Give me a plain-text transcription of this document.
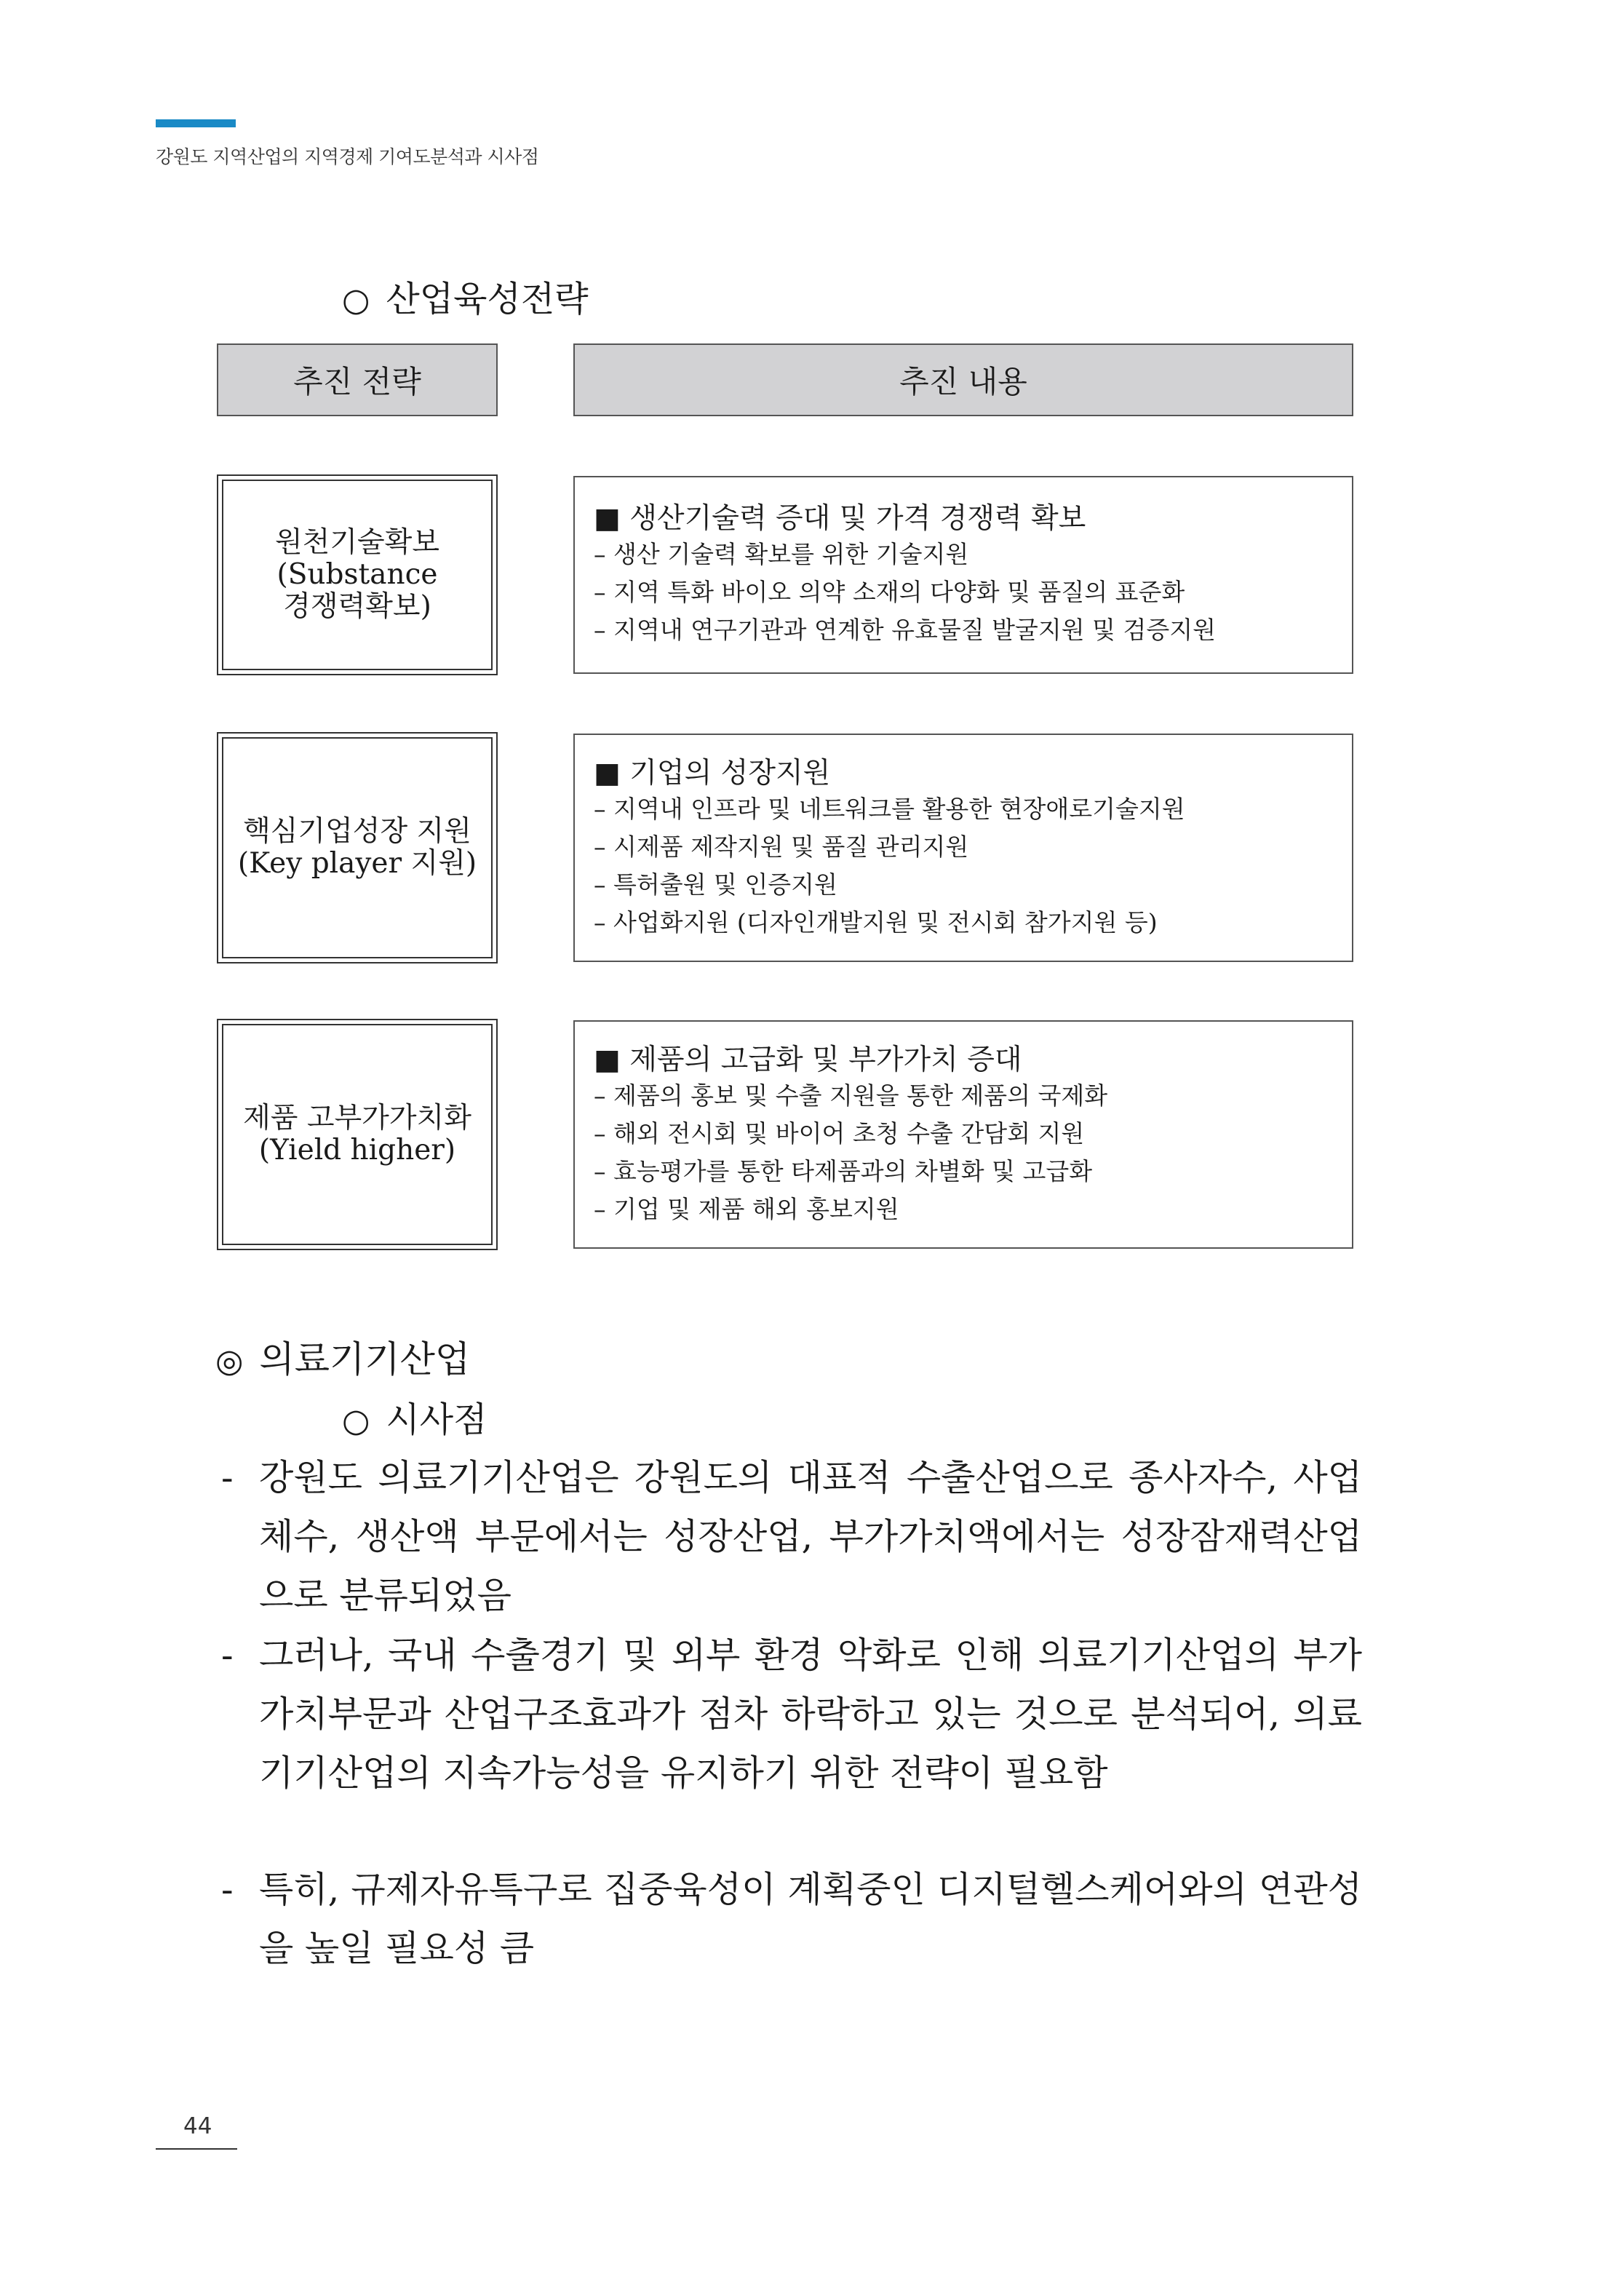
강원도 지역산업의 지역경제 기여도분석과 시사점
○ 산업육성전략
추진 전략	추진 내용
원천기술확보
(Substance
경쟁력확보)
■ 생산기술력 증대 및 가격 경쟁력 확보
– 생산 기술력 확보를 위한 기술지원
– 지역 특화 바이오 의약 소재의 다양화 및 품질의 표준화
– 지역내 연구기관과 연계한 유효물질 발굴지원 및 검증지원
핵심기업성장 지원
(Key player 지원)
■ 기업의 성장지원
– 지역내 인프라 및 네트워크를 활용한 현장애로기술지원
– 시제품 제작지원 및 품질 관리지원
– 특허출원 및 인증지원
– 사업화지원 (디자인개발지원 및 전시회 참가지원 등)
제품 고부가가치화
(Yield higher)
■ 제품의 고급화 및 부가가치 증대
– 제품의 홍보 및 수출 지원을 통한 제품의 국제화
– 해외 전시회 및 바이어 초청 수출 간담회 지원
– 효능평가를 통한 타제품과의 차별화 및 고급화
– 기업 및 제품 해외 홍보지원
◎ 의료기기산업
○ 시사점
- 강원도 의료기기산업은 강원도의 대표적 수출산업으로 종사자수, 사업체수, 생산액 부문에서는 성장산업, 부가가치액에서는 성장잠재력산업으로 분류되었음
- 그러나, 국내 수출경기 및 외부 환경 악화로 인해 의료기기산업의 부가가치부문과 산업구조효과가 점차 하락하고 있는 것으로 분석되어, 의료기기산업의 지속가능성을 유지하기 위한 전략이 필요함
- 특히, 규제자유특구로 집중육성이 계획중인 디지털헬스케어와의 연관성을 높일 필요성 큼
44
